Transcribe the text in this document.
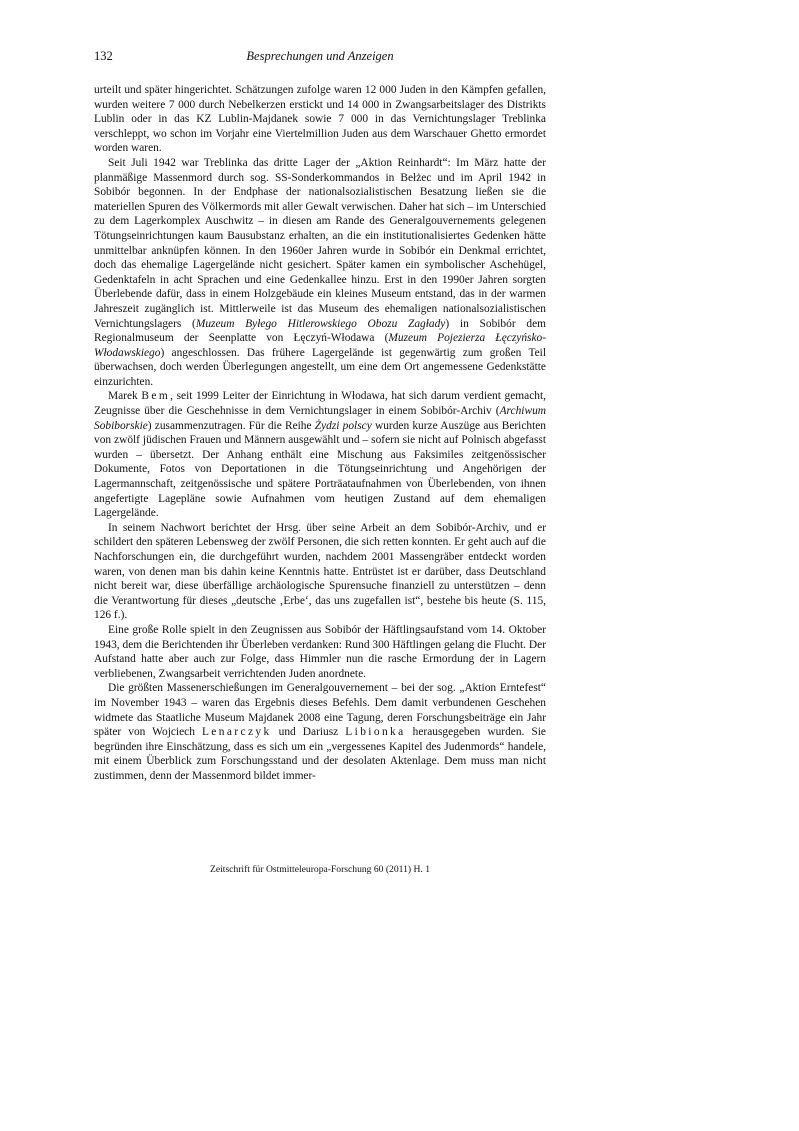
132	Besprechungen und Anzeigen

urteilt und später hingerichtet. Schätzungen zufolge waren 12 000 Juden in den Kämpfen gefallen, wurden weitere 7 000 durch Nebelkerzen erstickt und 14 000 in Zwangsarbeitslager des Distrikts Lublin oder in das KZ Lublin-Majdanek sowie 7 000 in das Vernichtungslager Treblinka verschleppt, wo schon im Vorjahr eine Viertelmillion Juden aus dem Warschauer Ghetto ermordet worden waren.

Seit Juli 1942 war Treblinka das dritte Lager der „Aktion Reinhardt“: Im März hatte der planmäßige Massenmord durch sog. SS-Sonderkommandos in Bełżec und im April 1942 in Sobibór begonnen. In der Endphase der nationalsozialistischen Besatzung ließen sie die materiellen Spuren des Völkermords mit aller Gewalt verwischen. Daher hat sich – im Unterschied zu dem Lagerkomplex Auschwitz – in diesen am Rande des Generalgouvernements gelegenen Tötungseinrichtungen kaum Bausubstanz erhalten, an die ein institutionalisiertes Gedenken hätte unmittelbar anknüpfen können. In den 1960er Jahren wurde in Sobibór ein Denkmal errichtet, doch das ehemalige Lagergelände nicht gesichert. Später kamen ein symbolischer Aschehügel, Gedenktafeln in acht Sprachen und eine Gedenkallee hinzu. Erst in den 1990er Jahren sorgten Überlebende dafür, dass in einem Holzgebäude ein kleines Museum entstand, das in der warmen Jahreszeit zugänglich ist. Mittlerweile ist das Museum des ehemaligen nationalsozialistischen Vernichtungslagers (Muzeum Byłego Hitlerowskiego Obozu Zagłady) in Sobibór dem Regionalmuseum der Seenplatte von Łęczyń-Włodawa (Muzeum Pojezierza Łęczyńsko-Włodawskiego) angeschlossen. Das frühere Lagergelände ist gegenwärtig zum großen Teil überwachsen, doch werden Überlegungen angestellt, um eine dem Ort angemessene Gedenkstätte einzurichten.

Marek Bem, seit 1999 Leiter der Einrichtung in Włodawa, hat sich darum verdient gemacht, Zeugnisse über die Geschehnisse in dem Vernichtungslager in einem Sobibór-Archiv (Archiwum Sobiborskie) zusammenzutragen. Für die Reihe Żydzi polscy wurden kurze Auszüge aus Berichten von zwölf jüdischen Frauen und Männern ausgewählt und – sofern sie nicht auf Polnisch abgefasst wurden – übersetzt. Der Anhang enthält eine Mischung aus Faksimiles zeitgenössischer Dokumente, Fotos von Deportationen in die Tötungseinrichtung und Angehörigen der Lagermannschaft, zeitgenössische und spätere Porträataufnahmen von Überlebenden, von ihnen angefertigte Lagepläne sowie Aufnahmen vom heutigen Zustand auf dem ehemaligen Lagergelände.

In seinem Nachwort berichtet der Hrsg. über seine Arbeit an dem Sobibór-Archiv, und er schildert den späteren Lebensweg der zwölf Personen, die sich retten konnten. Er geht auch auf die Nachforschungen ein, die durchgeführt wurden, nachdem 2001 Massengräber entdeckt worden waren, von denen man bis dahin keine Kenntnis hatte. Entrüstet ist er darüber, dass Deutschland nicht bereit war, diese überfällige archäologische Spurensuche finanziell zu unterstützen – denn die Verantwortung für dieses „deutsche ‚Erbe‘, das uns zugefallen ist“, bestehe bis heute (S. 115, 126 f.).

Eine große Rolle spielt in den Zeugnissen aus Sobibór der Häftlingsaufstand vom 14. Oktober 1943, dem die Berichtenden ihr Überleben verdanken: Rund 300 Häftlingen gelang die Flucht. Der Aufstand hatte aber auch zur Folge, dass Himmler nun die rasche Ermordung der in Lagern verbliebenen, Zwangsarbeit verrichtenden Juden anordnete.

Die größten Massenerschießungen im Generalgouvernement – bei der sog. „Aktion Erntefest“ im November 1943 – waren das Ergebnis dieses Befehls. Dem damit verbundenen Geschehen widmete das Staatliche Museum Majdanek 2008 eine Tagung, deren Forschungsbeiträge ein Jahr später von Wojciech Lenarczyk und Dariusz Libionka herausgegeben wurden. Sie begründen ihre Einschätzung, dass es sich um ein „vergessenes Kapitel des Judenmords“ handele, mit einem Überblick zum Forschungsstand und der desolaten Aktenlage. Dem muss man nicht zustimmen, denn der Massenmord bildet immer-

Zeitschrift für Ostmitteleuropa-Forschung 60 (2011) H. 1
